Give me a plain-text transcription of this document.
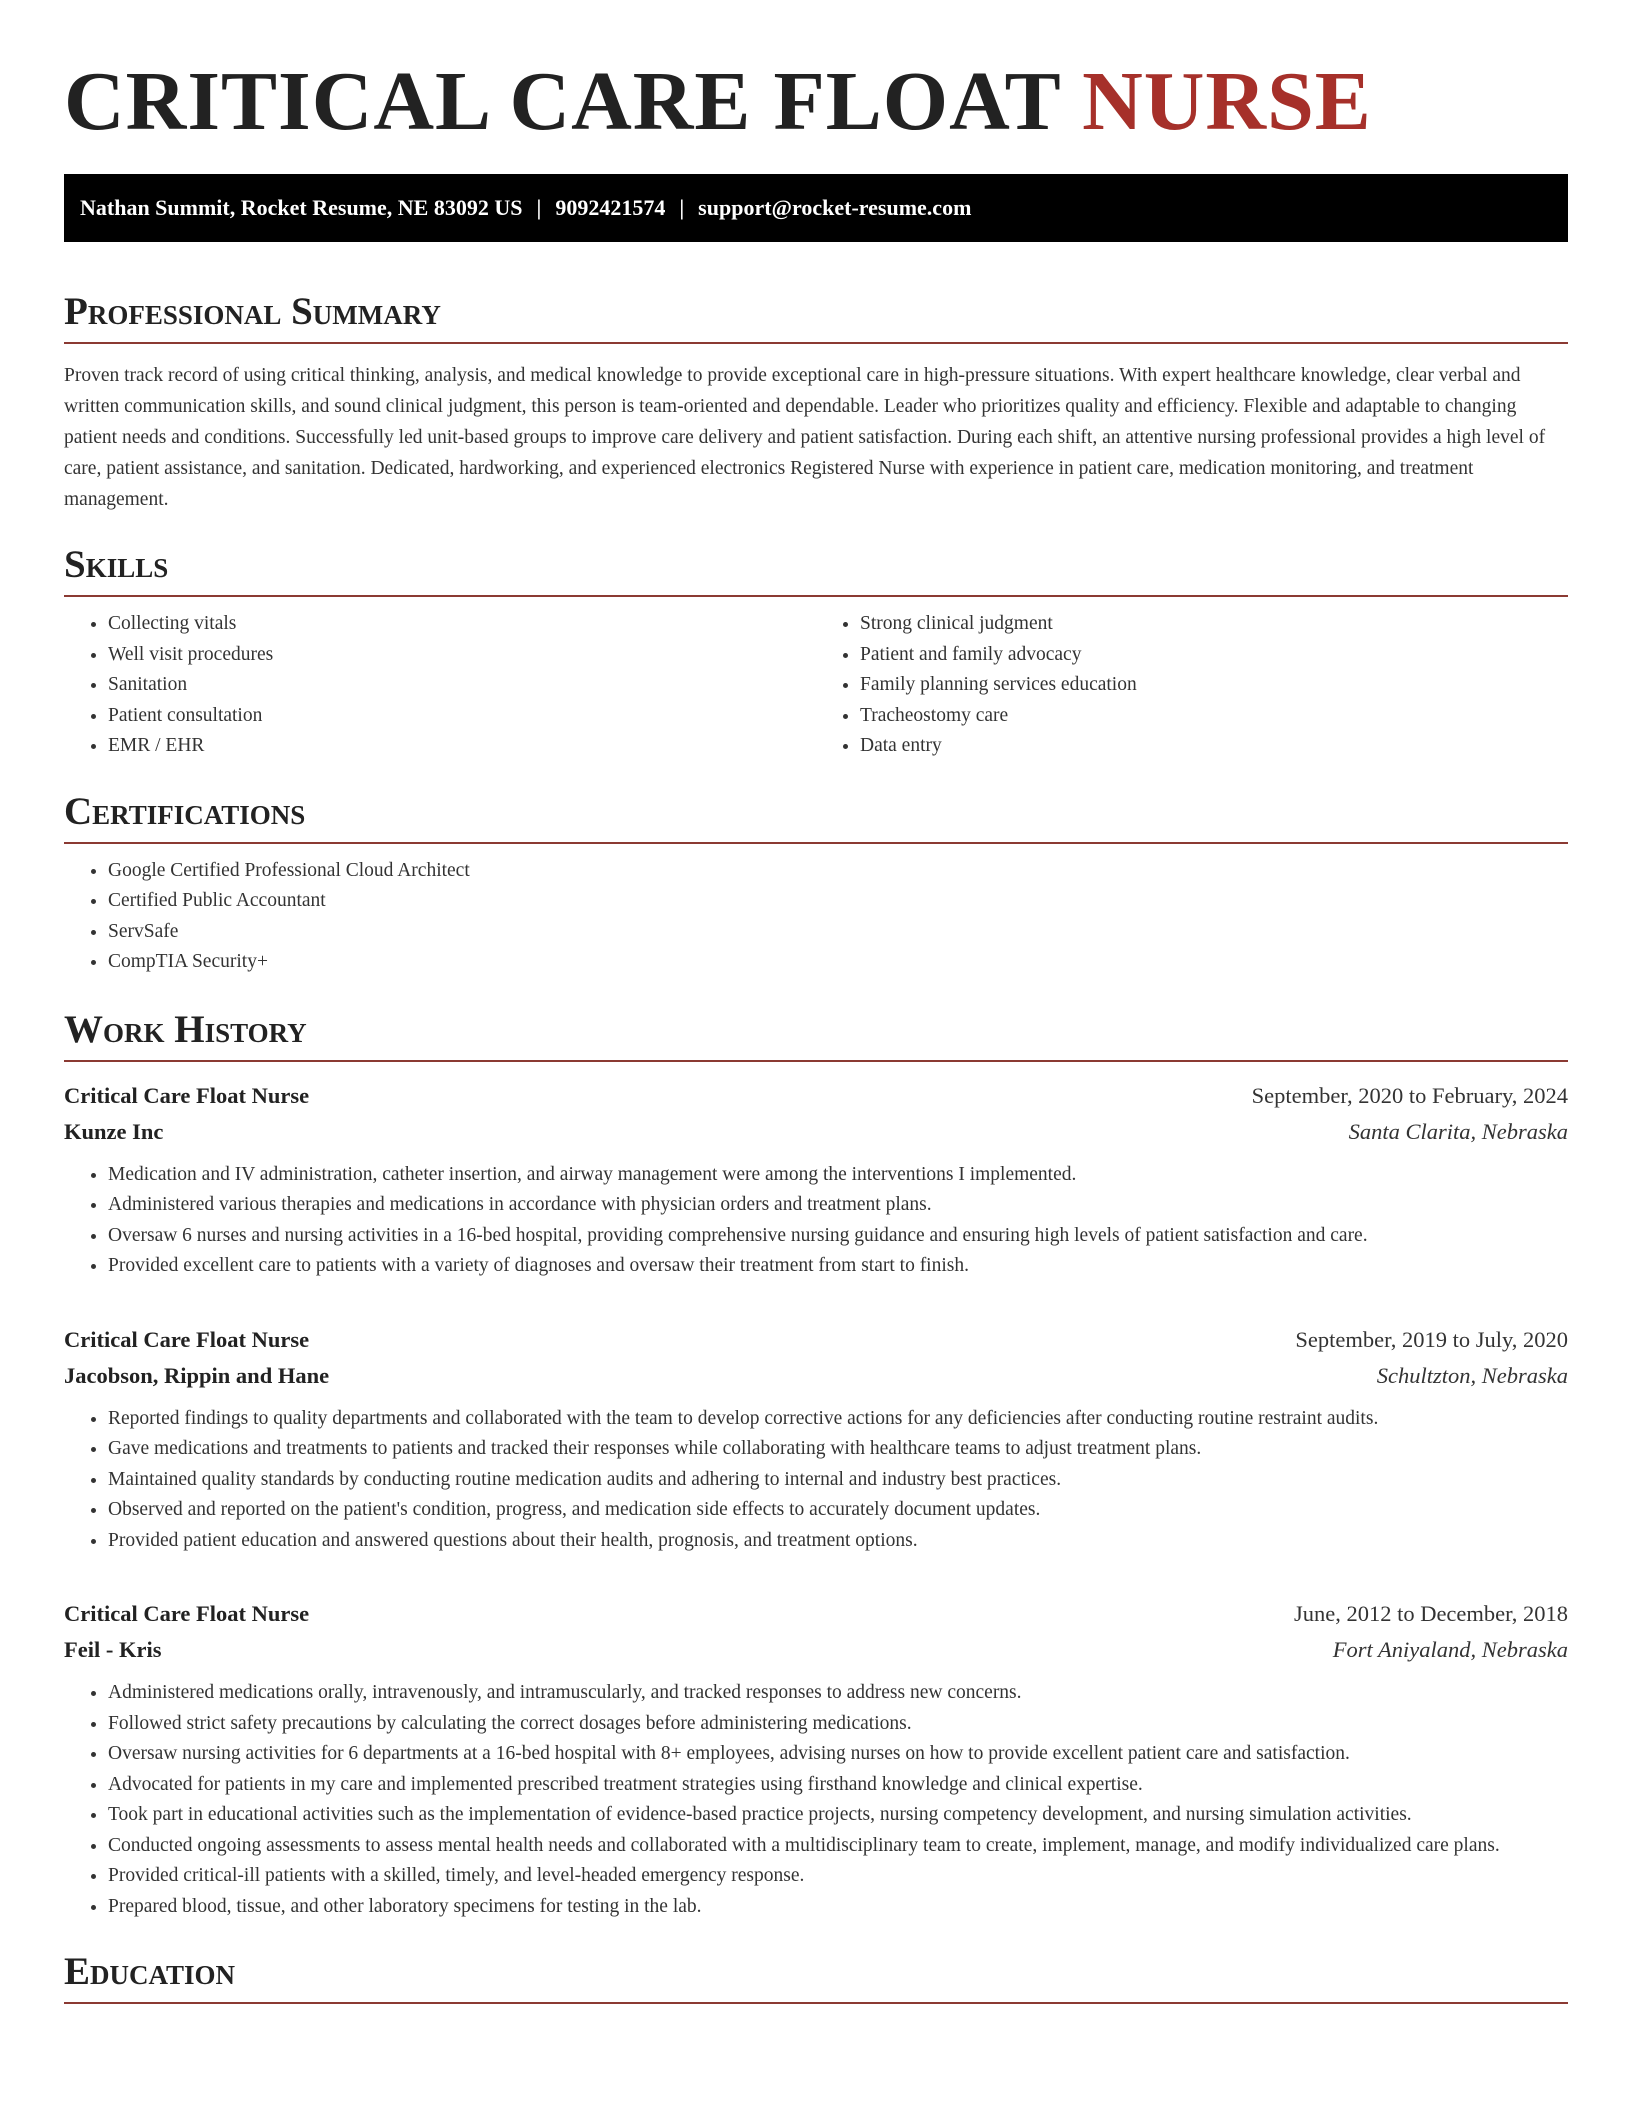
CRITICAL CARE FLOAT NURSE
Nathan Summit, Rocket Resume, NE 83092 US | 9092421574 | support@rocket-resume.com
Professional Summary

Proven track record of using critical thinking, analysis, and medical knowledge to provide exceptional care in high-pressure situations. With expert healthcare knowledge, clear verbal and written communication skills, and sound clinical judgment, this person is team-oriented and dependable. Leader who prioritizes quality and efficiency. Flexible and adaptable to changing patient needs and conditions. Successfully led unit-based groups to improve care delivery and patient satisfaction. During each shift, an attentive nursing professional provides a high level of care, patient assistance, and sanitation. Dedicated, hardworking, and experienced electronics Registered Nurse with experience in patient care, medication monitoring, and treatment management.

Skills
• Collecting vitals
• Well visit procedures
• Sanitation
• Patient consultation
• EMR / EHR
• Strong clinical judgment
• Patient and family advocacy
• Family planning services education
• Tracheostomy care
• Data entry
Certifications
• Google Certified Professional Cloud Architect
• Certified Public Accountant
• ServSafe
• CompTIA Security+
Work History
Critical Care Float Nurse	September, 2020 to February, 2024
Kunze Inc	Santa Clarita, Nebraska
• Medication and IV administration, catheter insertion, and airway management were among the interventions I implemented.
• Administered various therapies and medications in accordance with physician orders and treatment plans.
• Oversaw 6 nurses and nursing activities in a 16-bed hospital, providing comprehensive nursing guidance and ensuring high levels of patient satisfaction and care.
• Provided excellent care to patients with a variety of diagnoses and oversaw their treatment from start to finish.
Critical Care Float Nurse	September, 2019 to July, 2020
Jacobson, Rippin and Hane	Schultzton, Nebraska
• Reported findings to quality departments and collaborated with the team to develop corrective actions for any deficiencies after conducting routine restraint audits.
• Gave medications and treatments to patients and tracked their responses while collaborating with healthcare teams to adjust treatment plans.
• Maintained quality standards by conducting routine medication audits and adhering to internal and industry best practices.
• Observed and reported on the patient's condition, progress, and medication side effects to accurately document updates.
• Provided patient education and answered questions about their health, prognosis, and treatment options.
Critical Care Float Nurse	June, 2012 to December, 2018
Feil - Kris	Fort Aniyaland, Nebraska
• Administered medications orally, intravenously, and intramuscularly, and tracked responses to address new concerns.
• Followed strict safety precautions by calculating the correct dosages before administering medications.
• Oversaw nursing activities for 6 departments at a 16-bed hospital with 8+ employees, advising nurses on how to provide excellent patient care and satisfaction.
• Advocated for patients in my care and implemented prescribed treatment strategies using firsthand knowledge and clinical expertise.
• Took part in educational activities such as the implementation of evidence-based practice projects, nursing competency development, and nursing simulation activities.
• Conducted ongoing assessments to assess mental health needs and collaborated with a multidisciplinary team to create, implement, manage, and modify individualized care plans.
• Provided critical-ill patients with a skilled, timely, and level-headed emergency response.
• Prepared blood, tissue, and other laboratory specimens for testing in the lab.
Education
